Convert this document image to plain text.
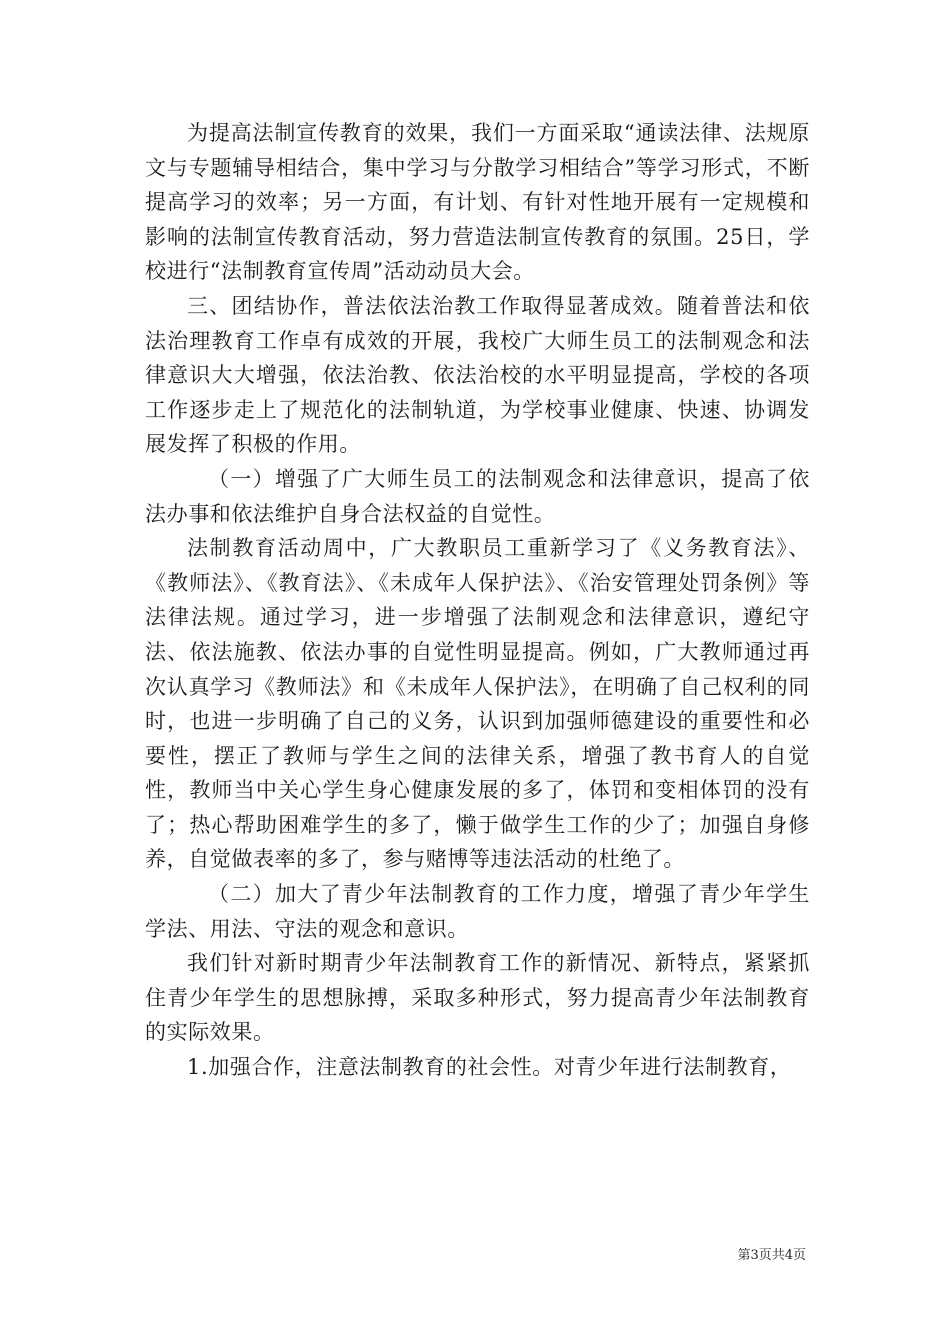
为提高法制宣传教育的效果，我们一方面采取“通读法律、法规原文与专题辅导相结合，集中学习与分散学习相结合”等学习形式，不断提高学习的效率；另一方面，有计划、有针对性地开展有一定规模和影响的法制宣传教育活动，努力营造法制宣传教育的氛围。25日，学校进行“法制教育宣传周”活动动员大会。

三、团结协作，普法依法治教工作取得显著成效。随着普法和依法治理教育工作卓有成效的开展，我校广大师生员工的法制观念和法律意识大大增强，依法治教、依法治校的水平明显提高，学校的各项工作逐步走上了规范化的法制轨道，为学校事业健康、快速、协调发展发挥了积极的作用。

（一）增强了广大师生员工的法制观念和法律意识，提高了依法办事和依法维护自身合法权益的自觉性。

法制教育活动周中，广大教职员工重新学习了《义务教育法》、《教师法》、《教育法》、《未成年人保护法》、《治安管理处罚条例》等法律法规。通过学习，进一步增强了法制观念和法律意识，遵纪守法、依法施教、依法办事的自觉性明显提高。例如，广大教师通过再次认真学习《教师法》和《未成年人保护法》，在明确了自己权利的同时，也进一步明确了自己的义务，认识到加强师德建设的重要性和必要性，摆正了教师与学生之间的法律关系，增强了教书育人的自觉性，教师当中关心学生身心健康发展的多了，体罚和变相体罚的没有了；热心帮助困难学生的多了，懒于做学生工作的少了；加强自身修养，自觉做表率的多了，参与赌博等违法活动的杜绝了。

（二）加大了青少年法制教育的工作力度，增强了青少年学生学法、用法、守法的观念和意识。

我们针对新时期青少年法制教育工作的新情况、新特点，紧紧抓住青少年学生的思想脉搏，采取多种形式，努力提高青少年法制教育的实际效果。

1.加强合作，注意法制教育的社会性。对青少年进行法制教育，

第3页共4页
